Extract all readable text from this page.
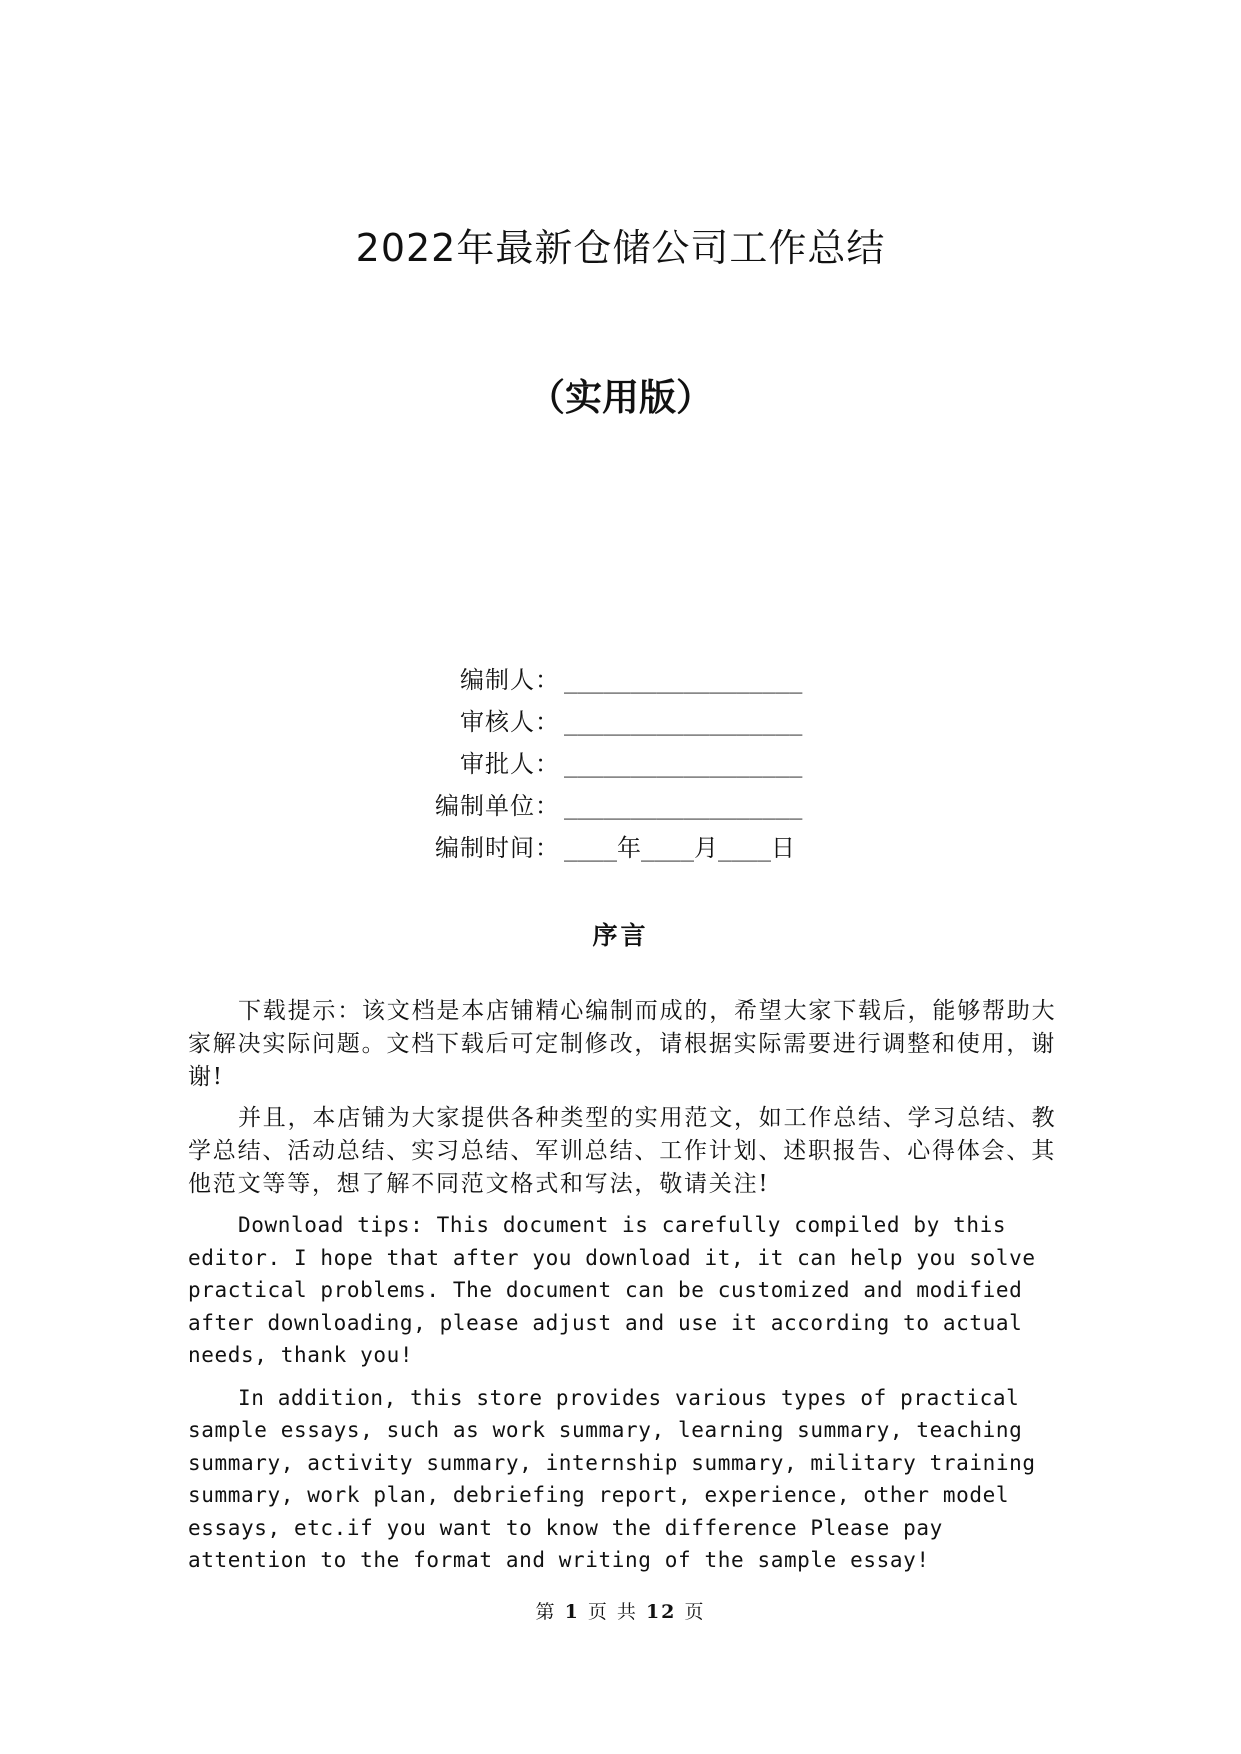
2022年最新仓储公司工作总结
（实用版）
编制人： __________________
审核人： __________________
审批人： __________________
编制单位： __________________
编制时间： ____ 年 ____ 月 ____ 日
序言

下载提示：该文档是本店铺精心编制而成的，希望大家下载后，能够帮助大家解决实际问题。文档下载后可定制修改，请根据实际需要进行调整和使用，谢谢!

并且，本店铺为大家提供各种类型的实用范文，如工作总结、学习总结、教学总结、活动总结、实习总结、军训总结、工作计划、述职报告、心得体会、其他范文等等，想了解不同范文格式和写法，敬请关注!

Download tips: This document is carefully compiled by this editor. I hope that after you download it, it can help you solve practical problems. The document can be customized and modified after downloading, please adjust and use it according to actual needs, thank you!

In addition, this store provides various types of practical sample essays, such as work summary, learning summary, teaching summary, activity summary, internship summary, military training summary, work plan, debriefing report, experience, other model essays, etc.if you want to know the difference Please pay attention to the format and writing of the sample essay!

第 1 页 共 12 页
